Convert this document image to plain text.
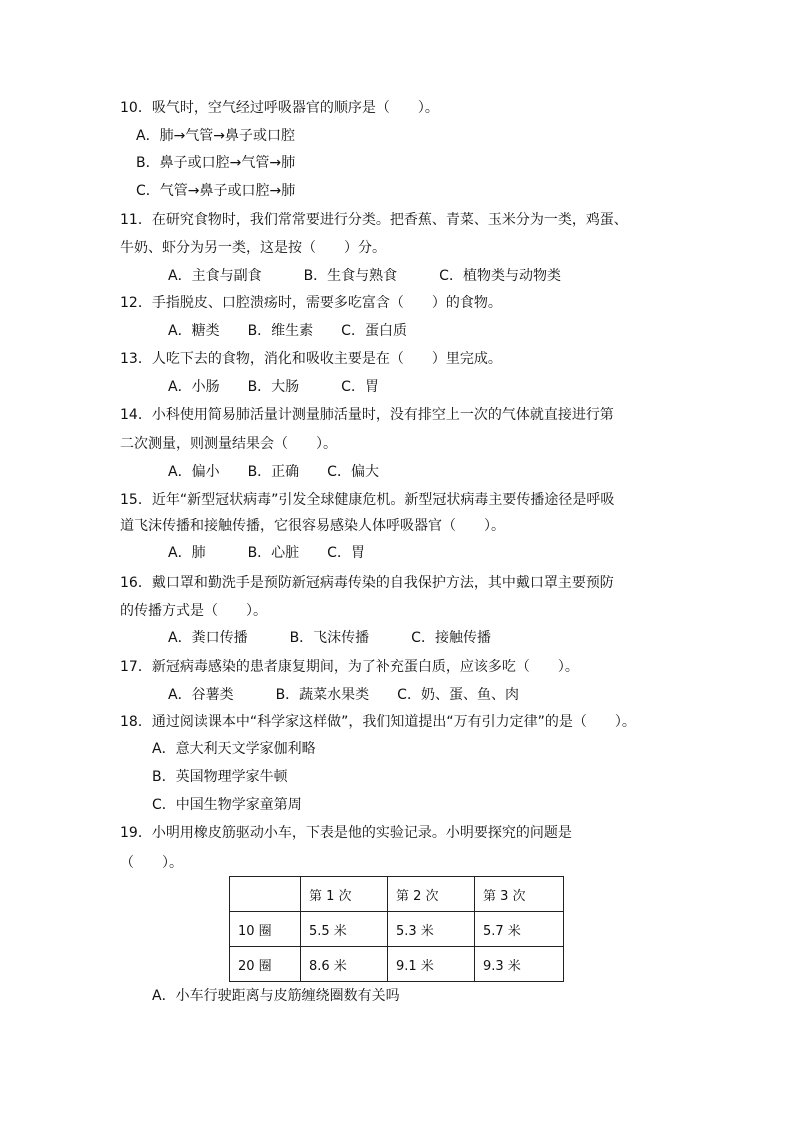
10．吸气时，空气经过呼吸器官的顺序是（　　）。
A．肺→气管→鼻子或口腔
B．鼻子或口腔→气管→肺
C．气管→鼻子或口腔→肺
11．在研究食物时，我们常常要进行分类。把香蕉、青菜、玉米分为一类，鸡蛋、
牛奶、虾分为另一类，这是按（　　）分。
A．主食与副食　　　B．生食与熟食　　　C．植物类与动物类
12．手指脱皮、口腔溃疡时，需要多吃富含（　　）的食物。
A．糖类　　B．维生素　　C．蛋白质
13．人吃下去的食物，消化和吸收主要是在（　　）里完成。
A．小肠　　B．大肠　　　C．胃
14．小科使用简易肺活量计测量肺活量时，没有排空上一次的气体就直接进行第
二次测量，则测量结果会（　　）。
A．偏小　　B．正确　　C．偏大
15．近年“新型冠状病毒”引发全球健康危机。新型冠状病毒主要传播途径是呼吸
道飞沫传播和接触传播，它很容易感染人体呼吸器官（　　）。
A．肺　　　B．心脏　　C．胃
16．戴口罩和勤洗手是预防新冠病毒传染的自我保护方法，其中戴口罩主要预防
的传播方式是（　　）。
A．粪口传播　　　B．飞沫传播　　　C．接触传播
17．新冠病毒感染的患者康复期间，为了补充蛋白质，应该多吃（　　）。
A．谷薯类　　　B．蔬菜水果类　　C．奶、蛋、鱼、肉
18．通过阅读课本中“科学家这样做”，我们知道提出“万有引力定律”的是（　　）。
A．意大利天文学家伽利略
B．英国物理学家牛顿
C．中国生物学家童第周
19．小明用橡皮筋驱动小车，下表是他的实验记录。小明要探究的问题是
（　　）。
	第 1 次	第 2 次	第 3 次
10 圈	5.5 米	5.3 米	5.7 米
20 圈	8.6 米	9.1 米	9.3 米
A．小车行驶距离与皮筋缠绕圈数有关吗
